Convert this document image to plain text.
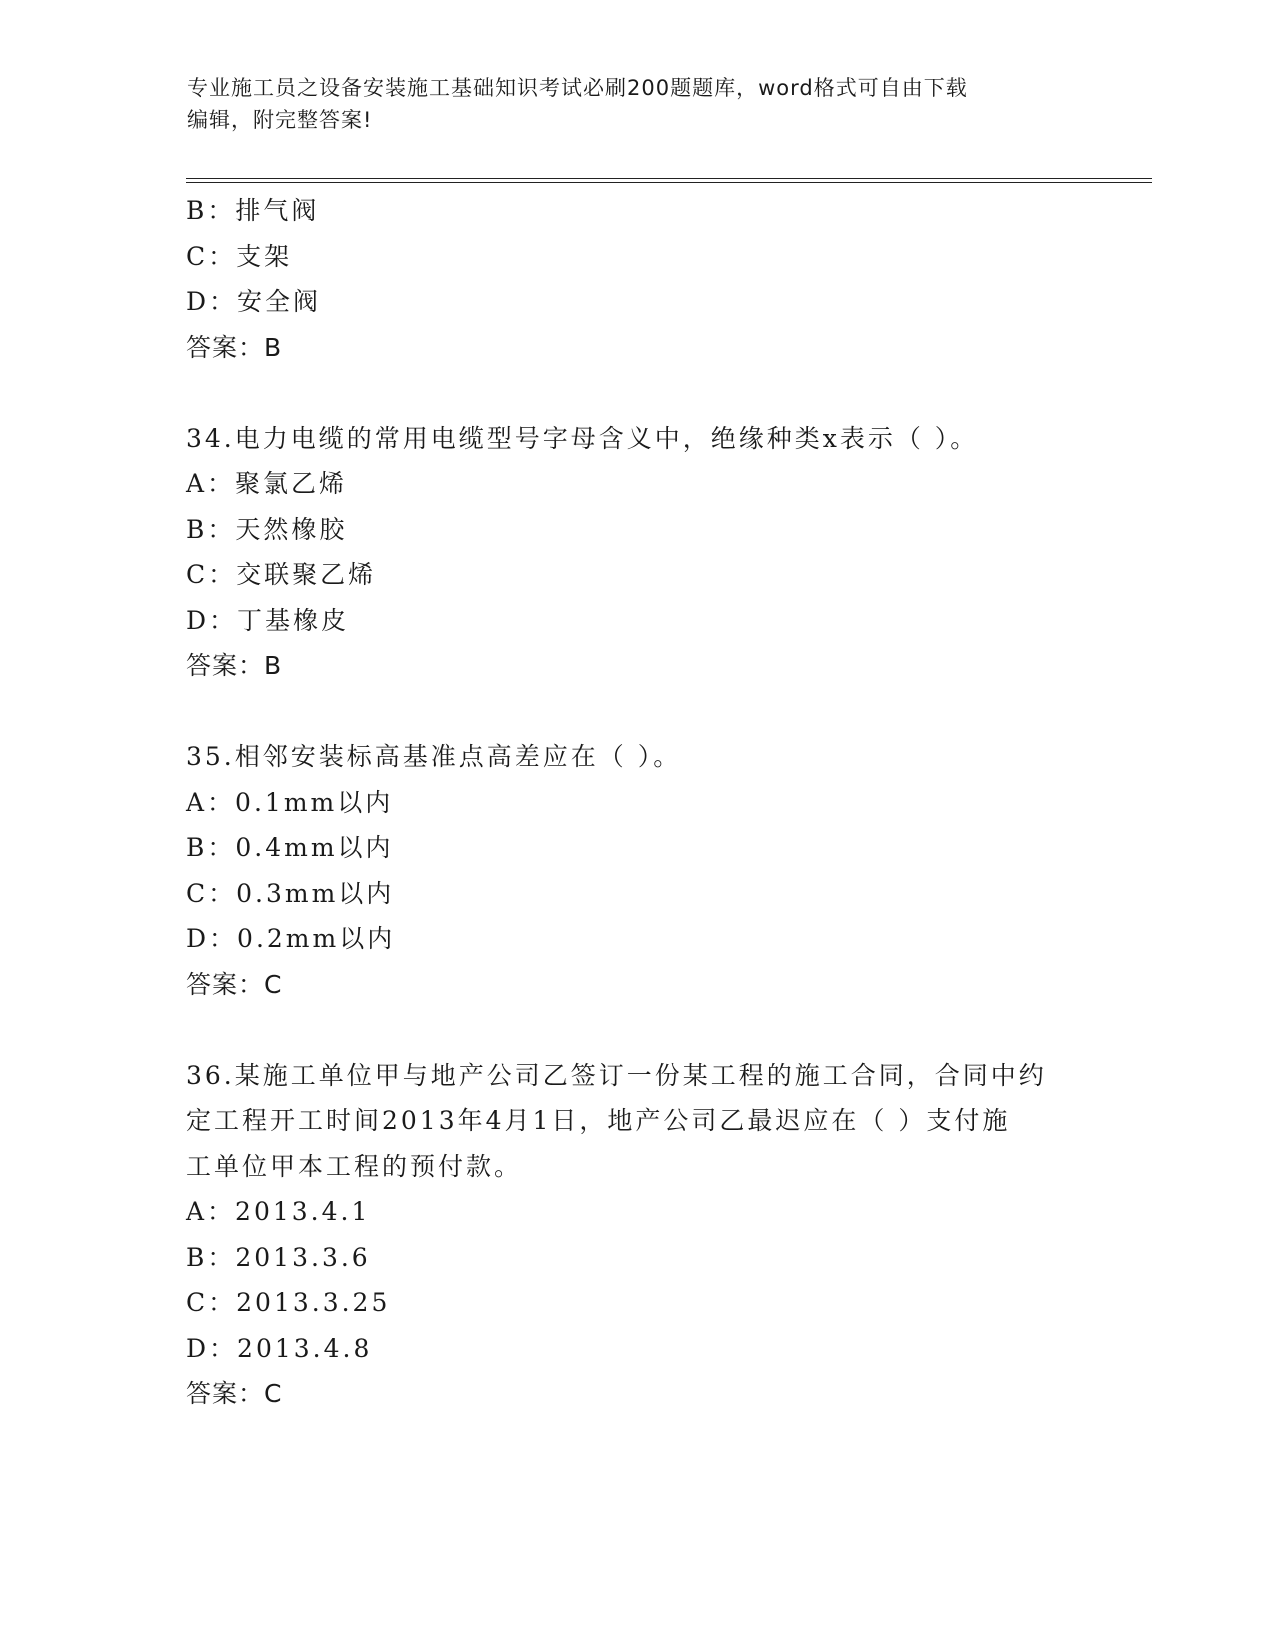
专业施工员之设备安装施工基础知识考试必刷200题题库，word格式可自由下载
编辑，附完整答案!
B：排气阀
C：支架
D：安全阀
答案：B
34.电力电缆的常用电缆型号字母含义中，绝缘种类x表示（ ）。
A：聚氯乙烯
B：天然橡胶
C：交联聚乙烯
D：丁基橡皮
答案：B
35.相邻安装标高基准点高差应在（ ）。
A：0.1mm以内
B：0.4mm以内
C：0.3mm以内
D：0.2mm以内
答案：C
36.某施工单位甲与地产公司乙签订一份某工程的施工合同，合同中约
定工程开工时间2013年4月1日，地产公司乙最迟应在（ ）支付施
工单位甲本工程的预付款。
A：2013.4.1
B：2013.3.6
C：2013.3.25
D：2013.4.8
答案：C
